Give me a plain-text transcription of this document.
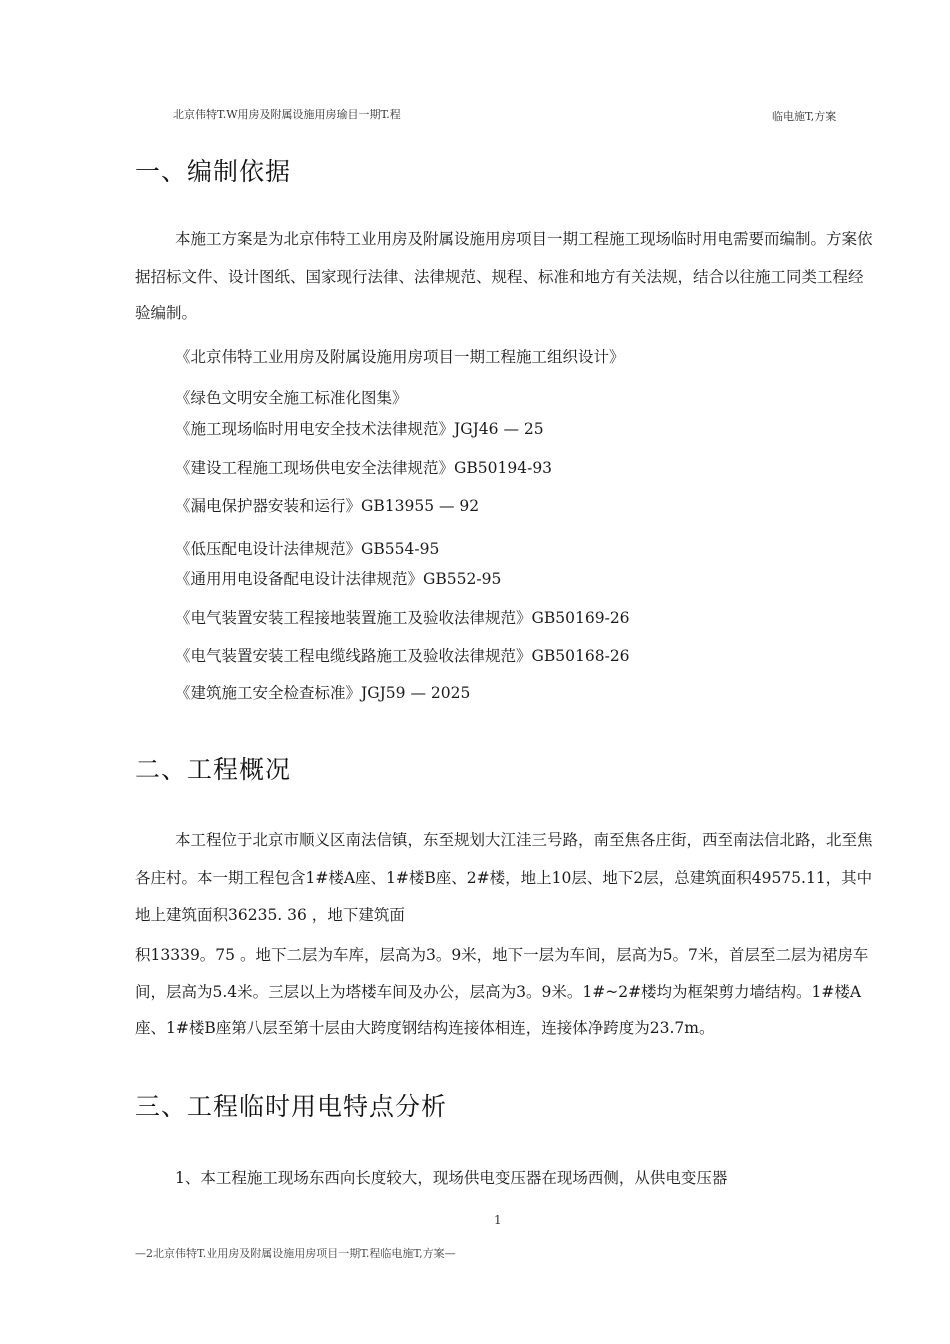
北京伟特T.W用房及附属设施用房瑜目一期T.程	临电施T,方案
一、编制依据
本施工方案是为北京伟特工业用房及附属设施用房项目一期工程施工现场临时用电需要而编制。方案依
据招标文件、设计图纸、国家现行法律、法律规范、规程、标准和地方有关法规，结合以往施工同类工程经
验编制。
《北京伟特工业用房及附属设施用房项目一期工程施工组织设计》
《绿色文明安全施工标准化图集》
《施工现场临时用电安全技术法律规范》JGJ46 — 25
《建设工程施工现场供电安全法律规范》GB50194-93
《漏电保护器安装和运行》GB13955 — 92
《低压配电设计法律规范》GB554-95
《通用用电设备配电设计法律规范》GB552-95
《电气装置安装工程接地装置施工及验收法律规范》GB50169-26
《电气装置安装工程电缆线路施工及验收法律规范》GB50168-26
《建筑施工安全检查标准》JGJ59 — 2025
二、工程概况
本工程位于北京市顺义区南法信镇，东至规划大江洼三号路，南至焦各庄街，西至南法信北路，北至焦
各庄村。本一期工程包含1#楼A座、1#楼B座、2#楼，地上10层、地下2层，总建筑面积49575.11，其中
地上建筑面积36235. 36 ，地下建筑面
积13339。75 。地下二层为车库，层高为3。9米，地下一层为车间，层高为5。7米，首层至二层为裙房车
间，层高为5.4米。三层以上为塔楼车间及办公，层高为3。9米。1#~2#楼均为框架剪力墙结构。1#楼A
座、1#楼B座第八层至第十层由大跨度钢结构连接体相连，连接体净跨度为23.7m。
三、工程临时用电特点分析
1、本工程施工现场东西向长度较大，现场供电变压器在现场西侧，从供电变压器
1
—2北京伟特T.业用房及附属设施用房项目一期T.程临电施T,方案—
